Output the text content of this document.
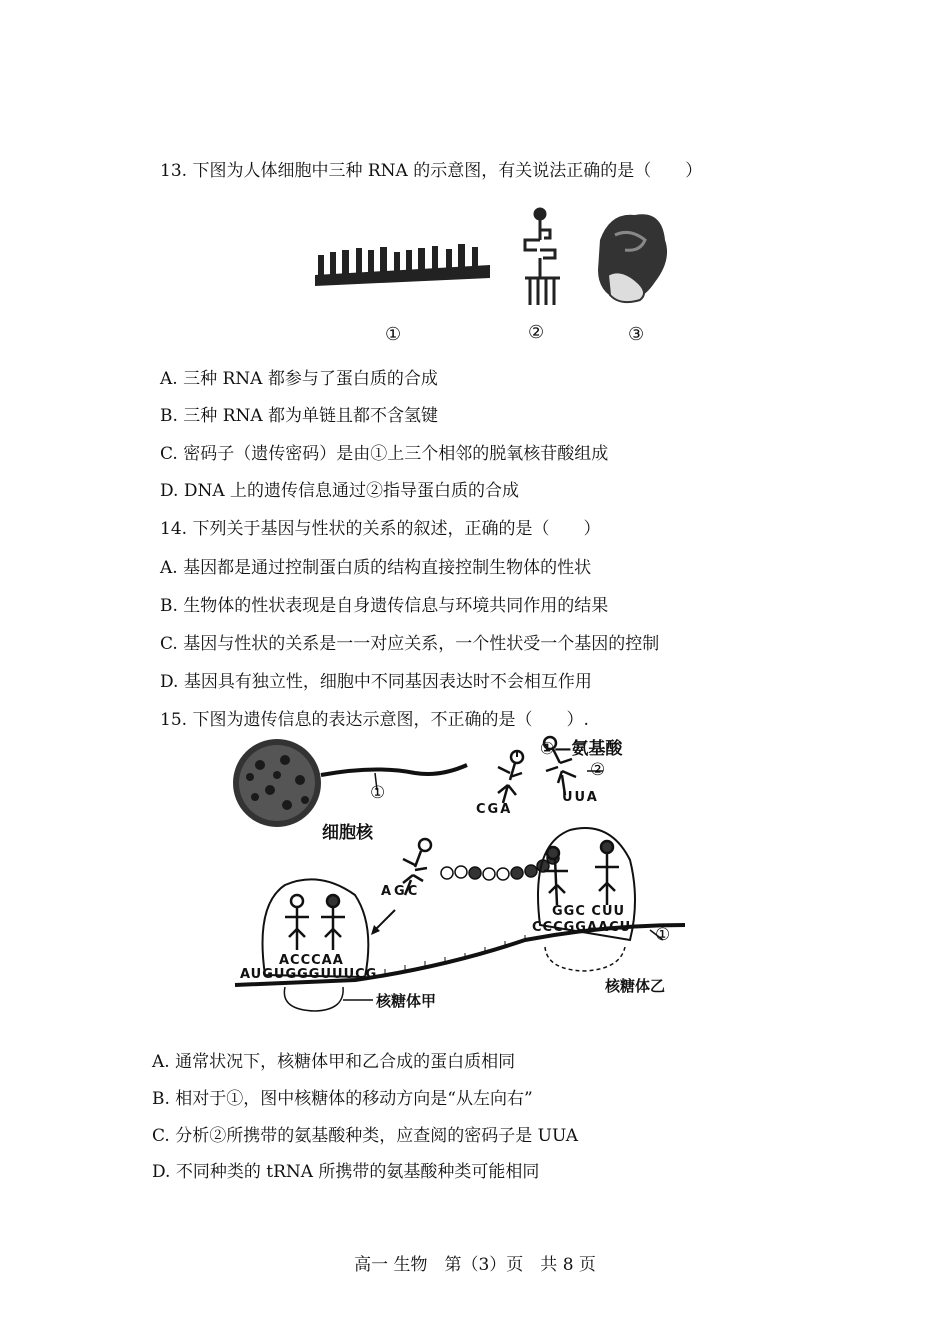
13. 下图为人体细胞中三种 RNA 的示意图，有关说法正确的是（　　）
①	②	③
A. 三种 RNA 都参与了蛋白质的合成
B. 三种 RNA 都为单链且都不含氢键
C. 密码子（遗传密码）是由①上三个相邻的脱氧核苷酸组成
D. DNA 上的遗传信息通过②指导蛋白质的合成
14. 下列关于基因与性状的关系的叙述，正确的是（　　）
A. 基因都是通过控制蛋白质的结构直接控制生物体的性状
B. 生物体的性状表现是自身遗传信息与环境共同作用的结果
C. 基因与性状的关系是一一对应关系，一个性状受一个基因的控制
D. 基因具有独立性，细胞中不同基因表达时不会相互作用
15. 下图为遗传信息的表达示意图，不正确的是（　　）.
细胞核
①
①—氨基酸
②
CGA
UUA
AGC
ACCCAA
AUGUGGGUUUCG
核糖体甲
GGC CUU
CCCGGAACU ①
核糖体乙
A. 通常状况下，核糖体甲和乙合成的蛋白质相同
B. 相对于①，图中核糖体的移动方向是“从左向右”
C. 分析②所携带的氨基酸种类，应查阅的密码子是 UUA
D. 不同种类的 tRNA 所携带的氨基酸种类可能相同
高一 生物　第（3）页　共 8 页
